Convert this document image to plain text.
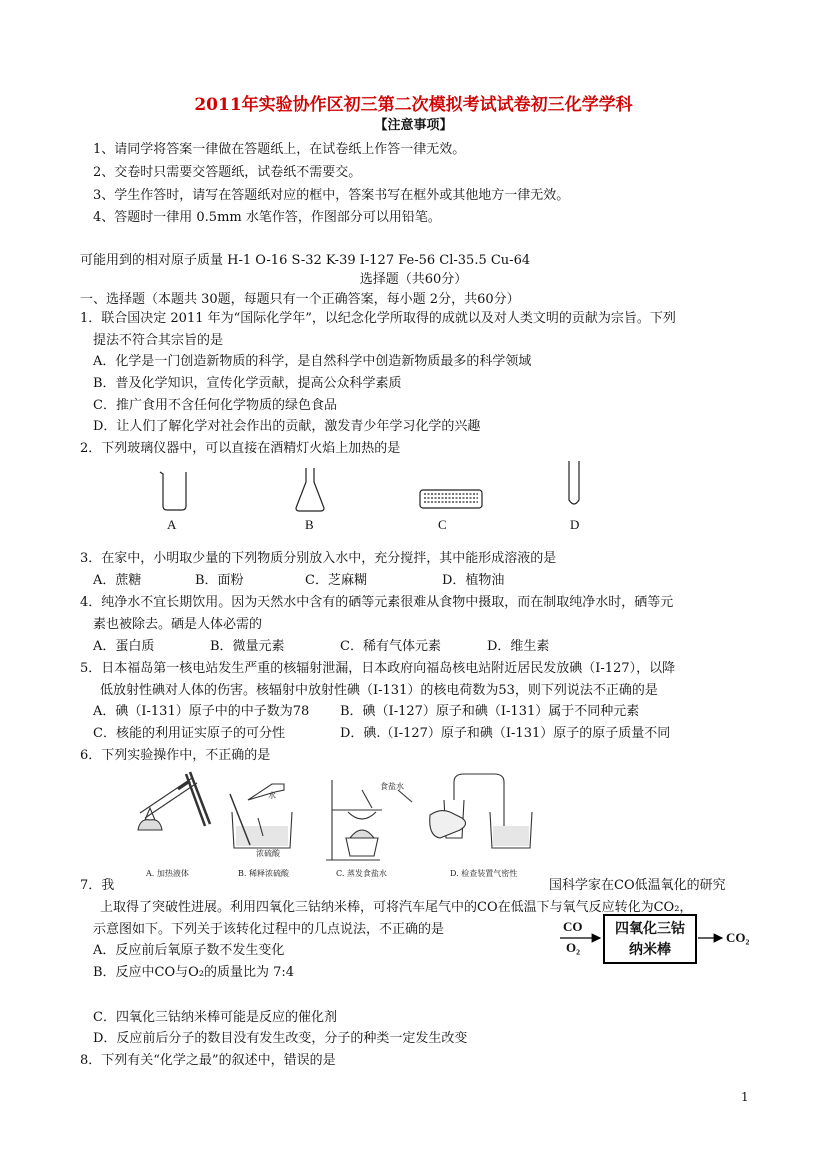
2011年实验协作区初三第二次模拟考试试卷初三化学学科
【注意事项】
1、请同学将答案一律做在答题纸上，在试卷纸上作答一律无效。
2、交卷时只需要交答题纸，试卷纸不需要交。
3、学生作答时，请写在答题纸对应的框中，答案书写在框外或其他地方一律无效。
4、答题时一律用 0.5mm 水笔作答，作图部分可以用铅笔。
可能用到的相对原子质量 H-1 O-16 S-32 K-39 I-127 Fe-56 Cl-35.5 Cu-64
选择题（共60分）
一、选择题（本题共 30题，每题只有一个正确答案，每小题 2分，共60分）
1．联合国决定 2011 年为“国际化学年”，以纪念化学所取得的成就以及对人类文明的贡献为宗旨。下列
提法不符合其宗旨的是
A．化学是一门创造新物质的科学，是自然科学中创造新物质最多的科学领域
B．普及化学知识，宣传化学贡献，提高公众科学素质
C．推广食用不含任何化学物质的绿色食品
D．让人们了解化学对社会作出的贡献，激发青少年学习化学的兴趣
2．下列玻璃仪器中，可以直接在酒精灯火焰上加热的是
A	B	C	D
3．在家中，小明取少量的下列物质分别放入水中，充分搅拌，其中能形成溶液的是
A．蔗糖	B．面粉	C．芝麻糊	D．植物油
4．纯净水不宜长期饮用。因为天然水中含有的硒等元素很难从食物中摄取，而在制取纯净水时，硒等元
素也被除去。硒是人体必需的
A．蛋白质	B．微量元素	C．稀有气体元素	D．维生素
5．日本福岛第一核电站发生严重的核辐射泄漏，日本政府向福岛核电站附近居民发放碘（I-127），以降
低放射性碘对人体的伤害。核辐射中放射性碘（I-131）的核电荷数为53，则下列说法不正确的是
A．碘（I-131）原子中的中子数为78 B．碘（I-127）原子和碘（I-131）属于不同种元素
C．核能的利用证实原子的可分性	D．碘.（I-127）原子和碘（I-131）原子的原子质量不同
6．下列实验操作中，不正确的是
A. 加热液体	B. 稀释浓硫酸	C. 蒸发食盐水	D. 检查装置气密性
水
浓硫酸
食盐水
7．我	国科学家在CO低温氧化的研究
上取得了突破性进展。利用四氧化三钴纳米棒，可将汽车尾气中的CO在低温下与氧气反应转化为CO₂，
示意图如下。下列关于该转化过程中的几点说法，不正确的是
A．反应前后氧原子数不发生变化
B．反应中CO与O₂的质量比为 7:4
C．四氧化三钴纳米棒可能是反应的催化剂
D．反应前后分子的数目没有发生改变，分子的种类一定发生改变
CO
O₂
CO₂
四氧化三钴
纳米棒
8．下列有关“化学之最”的叙述中，错误的是
1
